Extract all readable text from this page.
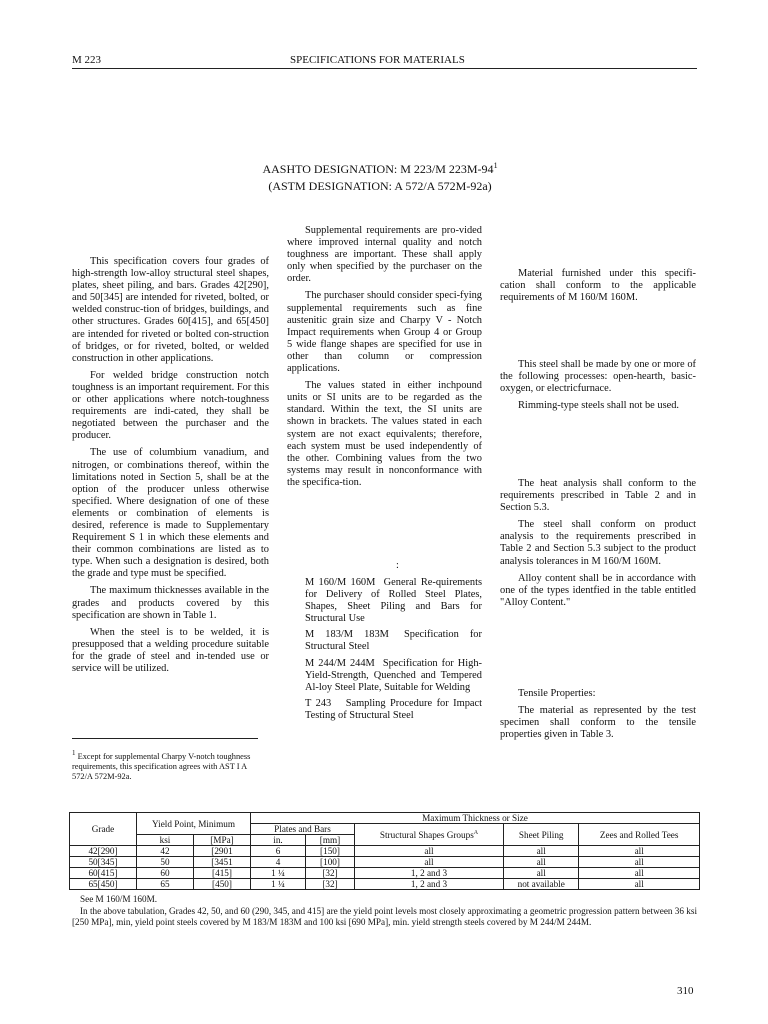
M 223	SPECIFICATIONS FOR MATERIALS
AASHTO DESIGNATION: M 223/M $223M-94^1$
(ASTM DESIGNATION: A 572/A 572M-92a)

This specification covers four grades of high-strength low-alloy structural steel shapes, plates, sheet piling, and bars. Grades 42[290], and 50[345] are intended for riveted, bolted, or welded construc-tion of bridges, buildings, and other structures. Grades 60[415], and 65[450] are intended for riveted or bolted con-struction of bridges, or for riveted, bolted, or welded construction in other applications.

For welded bridge construction notch toughness is an important requirement. For this or other applications where notch-toughness requirements are indi-cated, they shall be negotiated between the purchaser and the producer.

The use of columbium vanadium, and nitrogen, or combinations thereof, within the limitations noted in Section 5, shall be at the option of the producer unless otherwise specified. Where designation of one of these elements or combination of elements is desired, reference is made to Supplementary Requirement S 1 in which these elements and their common combinations are listed as to type. When such a designation is desired, both the grade and type must be specified.

The maximum thicknesses available in the grades and products covered by this specification are shown in Table 1.

When the steel is to be welded, it is presupposed that a welding procedure suitable for the grade of steel and in-tended use or service will be utilized.

$^1$ Except for supplemental Charpy V-notch toughness requirements, this specification agrees with AST I A 572/A 572M-92a.

Supplemental requirements are pro-vided where improved internal quality and notch toughness are important. These shall apply only when specified by the purchaser on the order.

The purchaser should consider speci-fying supplemental requirements such as fine austenitic grain size and Charpy V - Notch Impact requirements when Group 4 or Group 5 wide flange shapes are specified for use in other than column or compression applications.

The values stated in either inchpound units or SI units are to be regarded as the standard. Within the text, the SI units are shown in brackets. The values stated in each system are not exact equivalents; therefore, each system must be used independently of the other. Combining values from the two systems may result in nonconformance with the specifica-tion.

:
M 160/M 160M General Re-quirements for Delivery of Rolled Steel Plates, Shapes, Sheet Piling and Bars for Structural Use
M 183/M 183M Specification for Structural Steel
M 244/M 244M Specification for High-Yield-Strength, Quenched and Tempered Al-loy Steel Plate, Suitable for Welding
T 243 Sampling Procedure for Impact Testing of Structural Steel

Material furnished under this specifi-cation shall conform to the applicable requirements of M 160/M 160M.

This steel shall be made by one or more of the following processes: open-hearth, basic-oxygen, or electricfurnace.

Rimming-type steels shall not be used.

The heat analysis shall conform to the requirements prescribed in Table 2 and in Section 5.3.

The steel shall conform on product analysis to the requirements prescribed in Table 2 and Section 5.3 subject to the product analysis tolerances in M 160/M 160M.

Alloy content shall be in accordance with one of the types identfied in the table entitled "Alloy Content."

Tensile Properties:

The material as represented by the test specimen shall conform to the tensile properties given in Table 3.

Grade	Yield Point, Minimum		Maximum Thickness or Size				
			Plates and Bars		Structural Shapes Groups$^A$	Sheet Piling	Zees and Rolled Tees
	ksi	[MPa]	in.	[mm]			
42[290]	42	[2901	6	[150]	all	all	all
50[345]	50	[3451	4	[100]	all	all	all
60[415]	60	[415]	1 ¼	[32]	1, 2 and 3	all	all
65[450]	65	[450]	1 ¼	[32]	1, 2 and 3	not available	all
See M 160/M 160M.
In the above tabulation, Grades 42, 50, and 60 (290, 345, and 415] are the yield point levels most closely approximating a geometric progression pattern between 36 ksi [250 MPa], min, yield point steels covered by M 183/M 183M and 100 ksi [690 MPa], min. yield strength steels covered by M 244/M 244M.
310
